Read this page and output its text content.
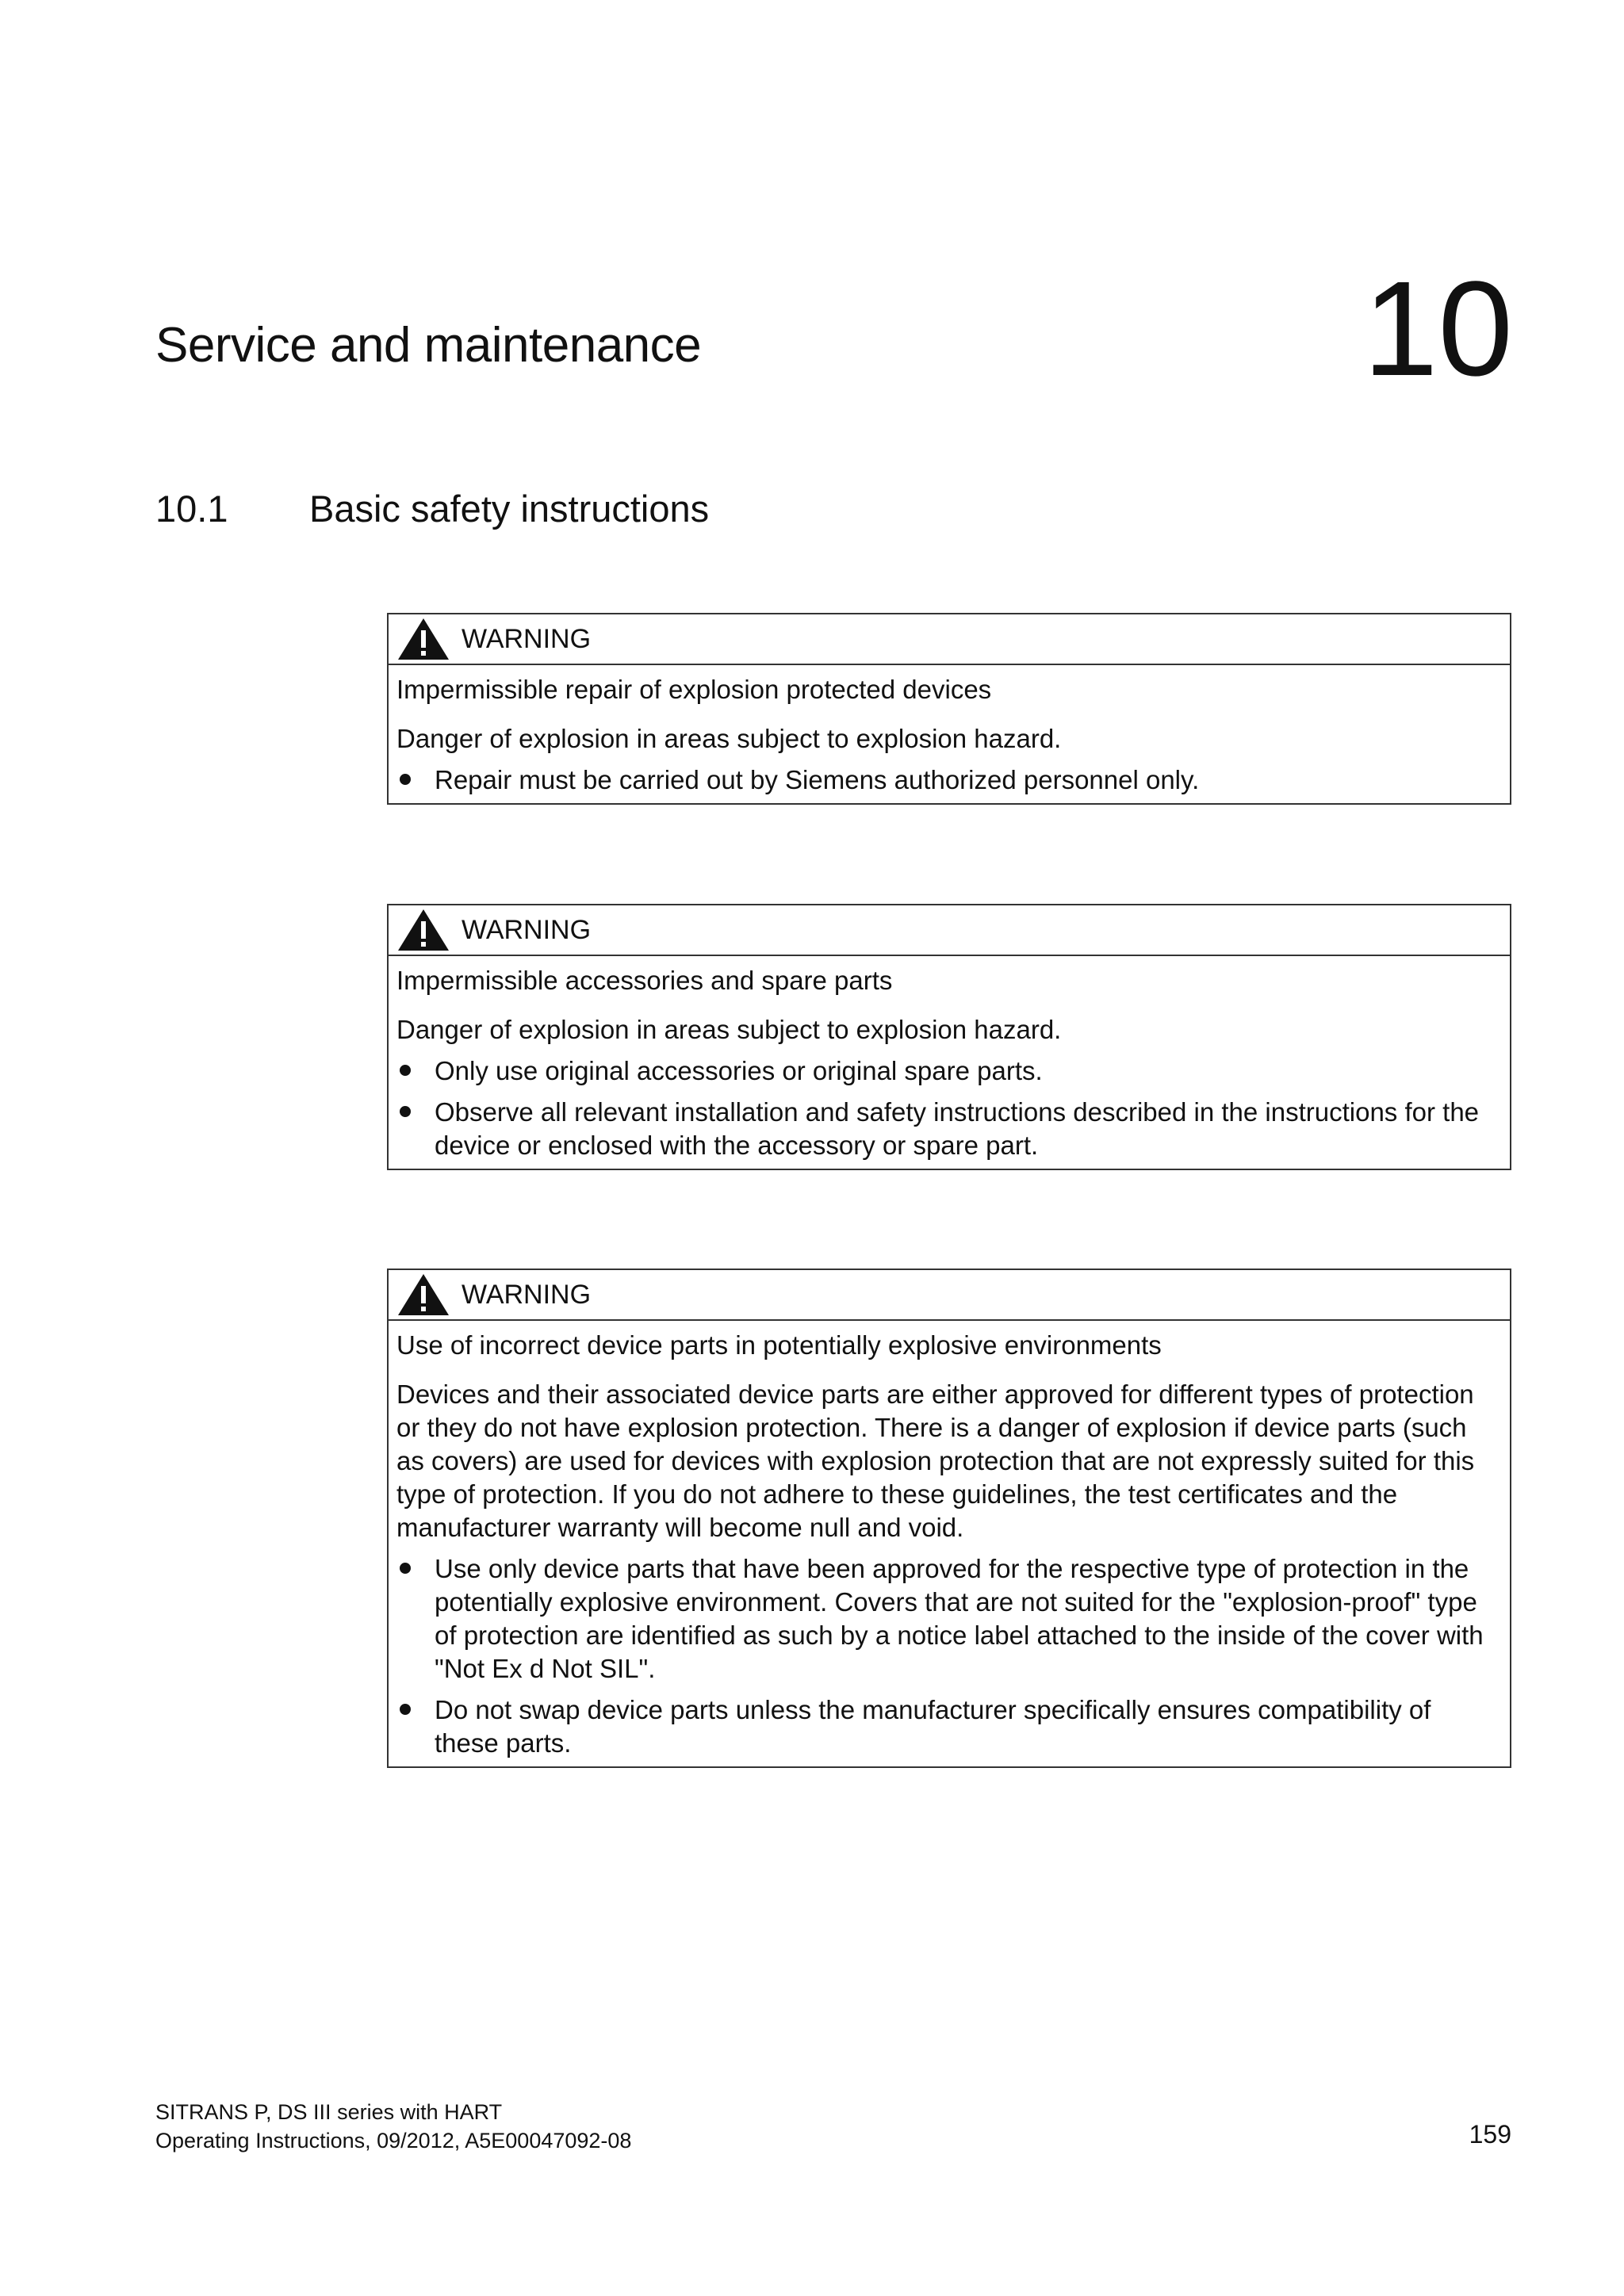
Service and maintenance	10
10.1 Basic safety instructions
WARNING
Impermissible repair of explosion protected devices

Danger of explosion in areas subject to explosion hazard.

Repair must be carried out by Siemens authorized personnel only.
WARNING
Impermissible accessories and spare parts

Danger of explosion in areas subject to explosion hazard.

Only use original accessories or original spare parts.
Observe all relevant installation and safety instructions described in the instructions for the device or enclosed with the accessory or spare part.
WARNING
Use of incorrect device parts in potentially explosive environments

Devices and their associated device parts are either approved for different types of protection or they do not have explosion protection. There is a danger of explosion if device parts (such as covers) are used for devices with explosion protection that are not expressly suited for this type of protection. If you do not adhere to these guidelines, the test certificates and the manufacturer warranty will become null and void.

Use only device parts that have been approved for the respective type of protection in the potentially explosive environment. Covers that are not suited for the "explosion-proof" type of protection are identified as such by a notice label attached to the inside of the cover with "Not Ex d Not SIL".
Do not swap device parts unless the manufacturer specifically ensures compatibility of these parts.
SITRANS P, DS III series with HART
Operating Instructions, 09/2012, A5E00047092-08	159
